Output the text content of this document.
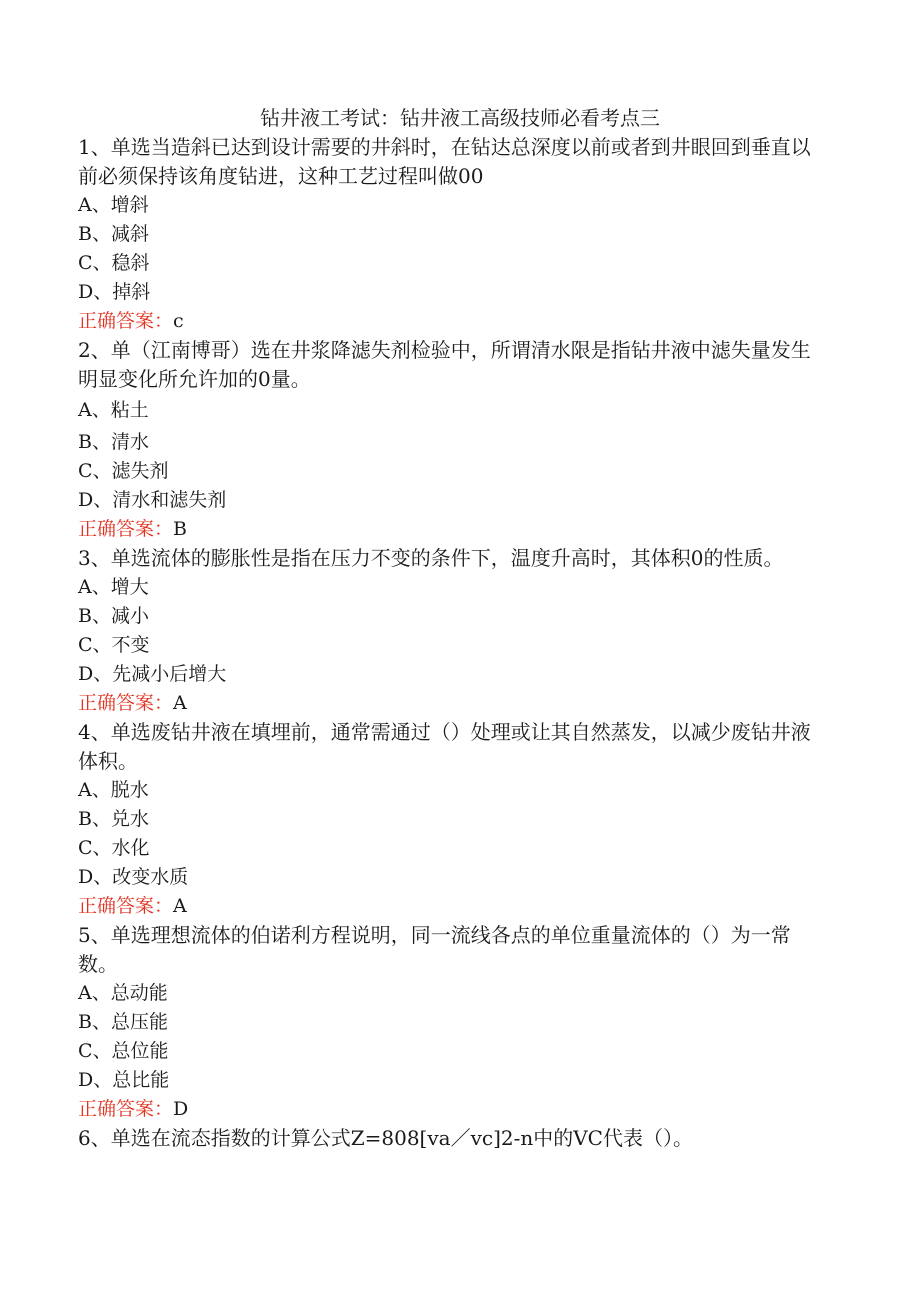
钻井液工考试：钻井液工高级技师必看考点三

1、单选当造斜已达到设计需要的井斜时，在钻达总深度以前或者到井眼回到垂直以前必须保持该角度钻进，这种工艺过程叫做00

A、增斜

B、减斜

C、稳斜

D、掉斜

正确答案：c

2、单（江南博哥）选在井浆降滤失剂检验中，所谓清水限是指钻井液中滤失量发生明显变化所允许加的0量。

A、粘土

B、清水

C、滤失剂

D、清水和滤失剂

正确答案：B

3、单选流体的膨胀性是指在压力不变的条件下，温度升高时，其体积0的性质。

A、增大

B、减小

C、不变

D、先减小后增大

正确答案：A

4、单选废钻井液在填埋前，通常需通过（）处理或让其自然蒸发，以减少废钻井液体积。

A、脱水

B、兑水

C、水化

D、改变水质

正确答案：A

5、单选理想流体的伯诺利方程说明，同一流线各点的单位重量流体的（）为一常数。

A、总动能

B、总压能

C、总位能

D、总比能

正确答案：D

6、单选在流态指数的计算公式Z=808[va／vc]2-n中的VC代表（）。
